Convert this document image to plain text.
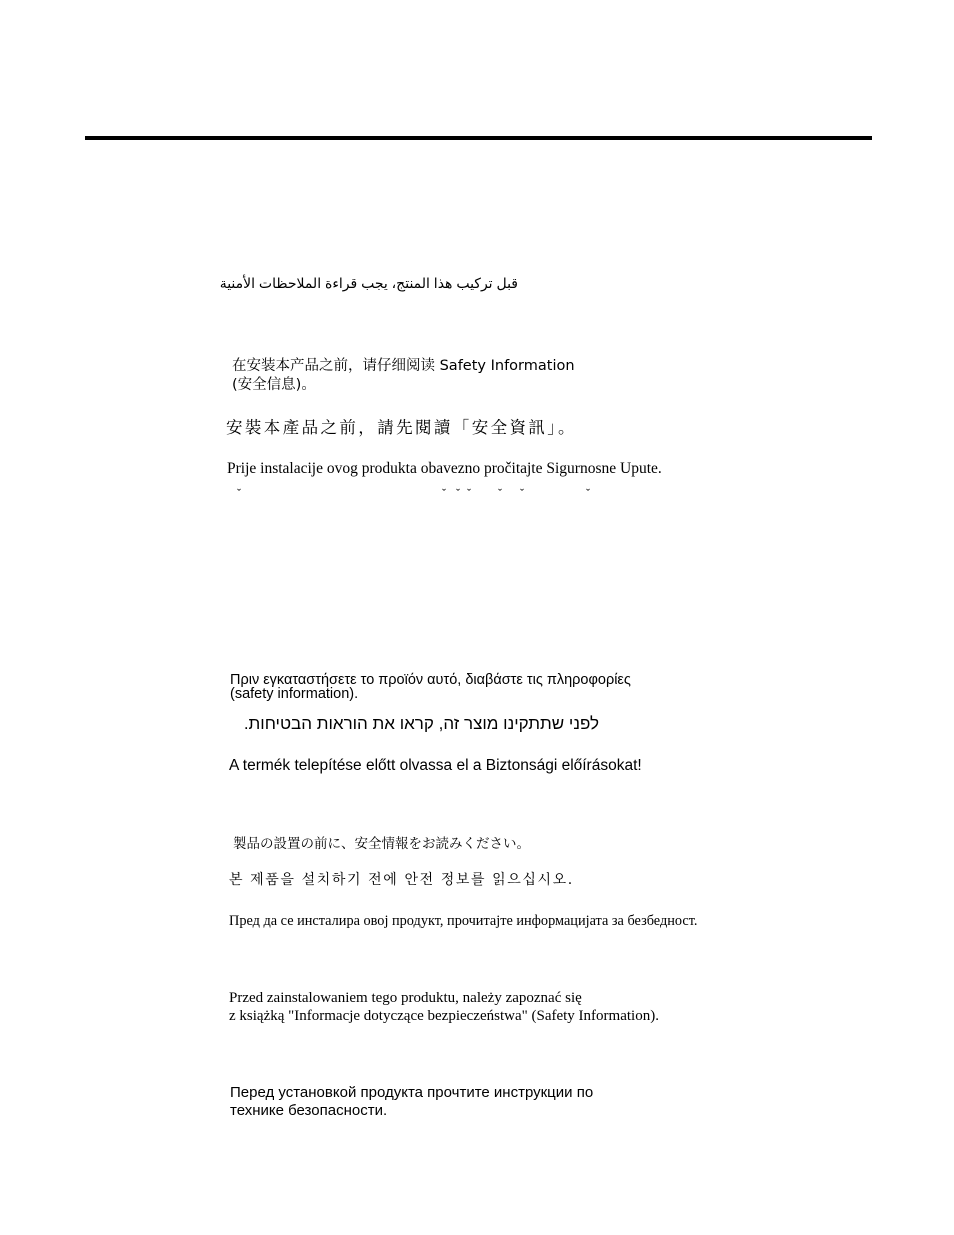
قبل تركيب هذا المنتج، يجب قراءة الملاحظات الأمنية

在安装本产品之前，请仔细阅读 Safety Information

(安全信息)。

安裝本產品之前，請先閱讀「安全資訊」。

Prije instalacije ovog produkta obavezno pročitajte Sigurnosne Upute.

ˇ	ˇ ˇ ˇ ˇ ˇ	ˇ

Πριν εγκαταστήσετε το προϊόν αυτό, διαβάστε τις πληροφορίες

(safety information).

לפני שתתקינו מוצר זה, קראו את הוראות הבטיחות.

A termék telepítése előtt olvassa el a Biztonsági előírásokat!

製品の設置の前に、安全情報をお読みください。

본 제품을 설치하기 전에 안전 정보를 읽으십시오.

Пред да се инсталира овој продукт, прочитајте информацијата за безбедност.

Przed zainstalowaniem tego produktu, należy zapoznać się

z książką "Informacje dotyczące bezpieczeństwa" (Safety Information).

Перед установкой продукта прочтите инструкции по

технике безопасности.
